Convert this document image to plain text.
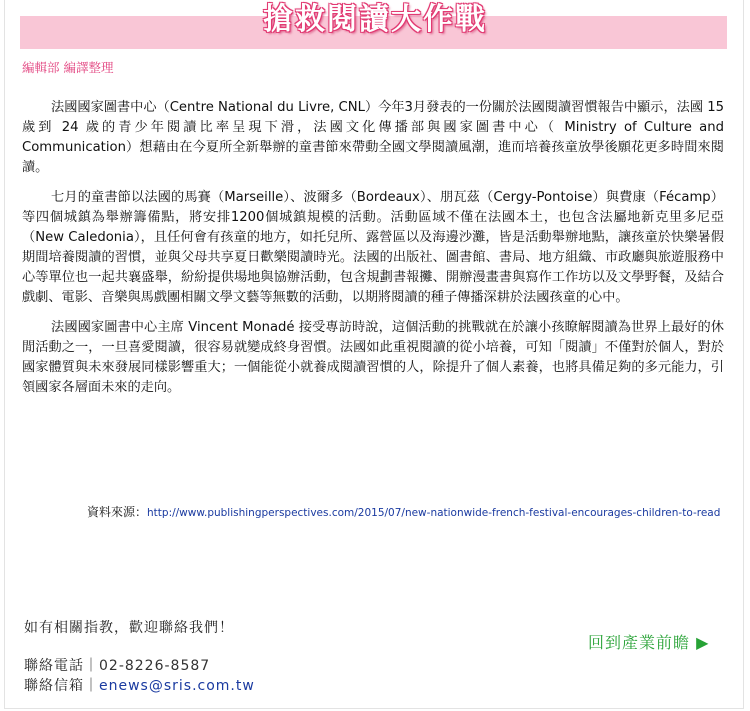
搶救閱讀大作戰
編輯部 編譯整理

法國國家圖書中心（Centre National du Livre, CNL）今年3月發表的一份關於法國閱讀習慣報告中顯示，法國 15 歲到 24 歲的青少年閱讀比率呈現下滑，法國文化傳播部與國家圖書中心（ Ministry of Culture and Communication）想藉由在今夏所全新舉辦的童書節來帶動全國文學閱讀風潮，進而培養孩童放學後願花更多時間來閱讀。

七月的童書節以法國的馬賽（Marseille）、波爾多（Bordeaux）、朋瓦茲（Cergy-Pontoise）與費康（Fécamp）等四個城鎮為舉辦籌備點，將安排1200個城鎮規模的活動。活動區域不僅在法國本土，也包含法屬地新克里多尼亞（New Caledonia），且任何會有孩童的地方，如托兒所、露營區以及海邊沙灘，皆是活動舉辦地點，讓孩童於快樂暑假期間培養閱讀的習慣，並與父母共享夏日歡樂閱讀時光。法國的出版社、圖書館、書局、地方組織、市政廳與旅遊服務中心等單位也一起共襄盛舉，紛紛提供場地與協辦活動，包含規劃書報攤、開辦漫畫書與寫作工作坊以及文學野餐，及結合戲劇、電影、音樂與馬戲團相關文學文藝等無數的活動，以期將閱讀的種子傳播深耕於法國孩童的心中。

法國國家圖書中心主席 Vincent Monadé 接受專訪時說，這個活動的挑戰就在於讓小孩瞭解閱讀為世界上最好的休閒活動之一，一旦喜愛閱讀，很容易就變成終身習慣。法國如此重視閱讀的從小培養，可知「閱讀」不僅對於個人，對於國家體質與未來發展同樣影響重大；一個能從小就養成閱讀習慣的人，除提升了個人素養，也將具備足夠的多元能力，引領國家各層面未來的走向。

資料來源：http://www.publishingperspectives.com/2015/07/new-nationwide-french-festival-encourages-children-to-read
如有相關指教，歡迎聯絡我們！
聯絡電話｜02-8226-8587
聯絡信箱｜enews@sris.com.tw
回到產業前瞻 ▶
